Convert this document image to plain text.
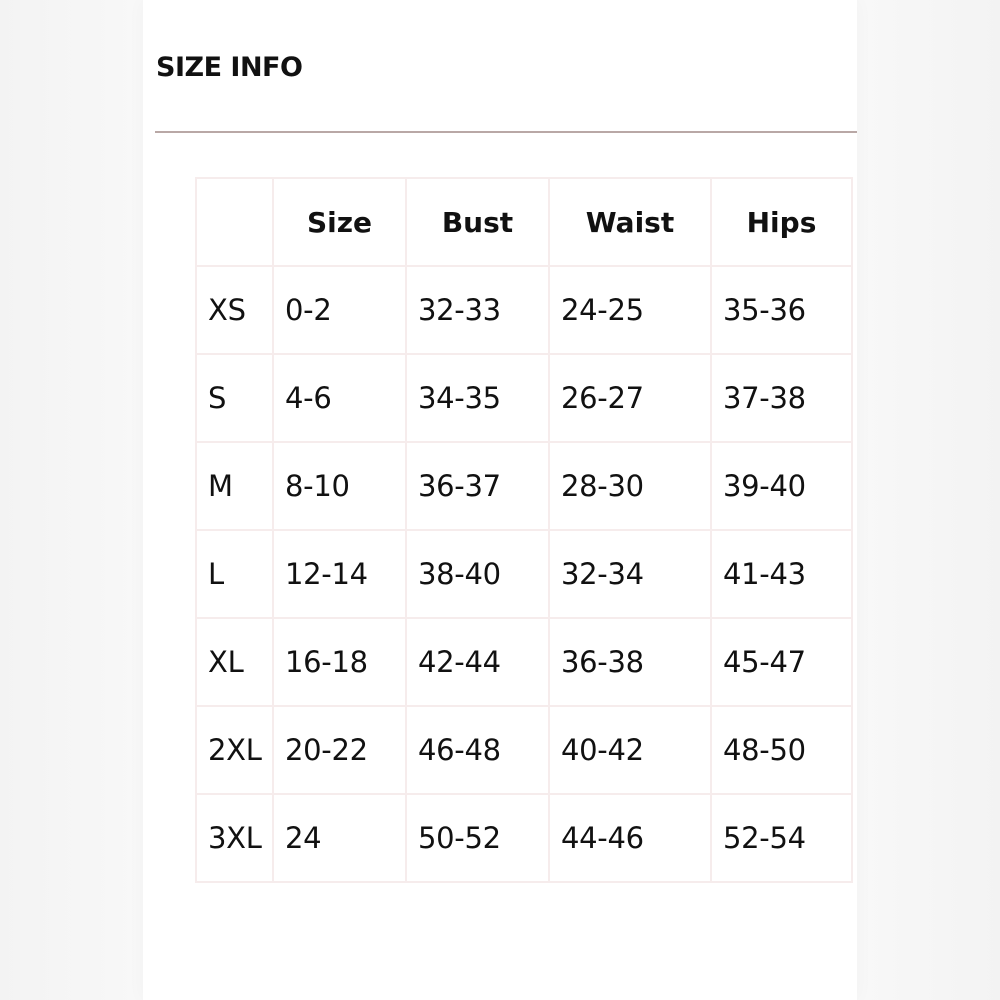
SIZE INFO
	Size	Bust	Waist	Hips
XS	0-2	32-33	24-25	35-36
S	4-6	34-35	26-27	37-38
M	8-10	36-37	28-30	39-40
L	12-14	38-40	32-34	41-43
XL	16-18	42-44	36-38	45-47
2XL	20-22	46-48	40-42	48-50
3XL	24	50-52	44-46	52-54
